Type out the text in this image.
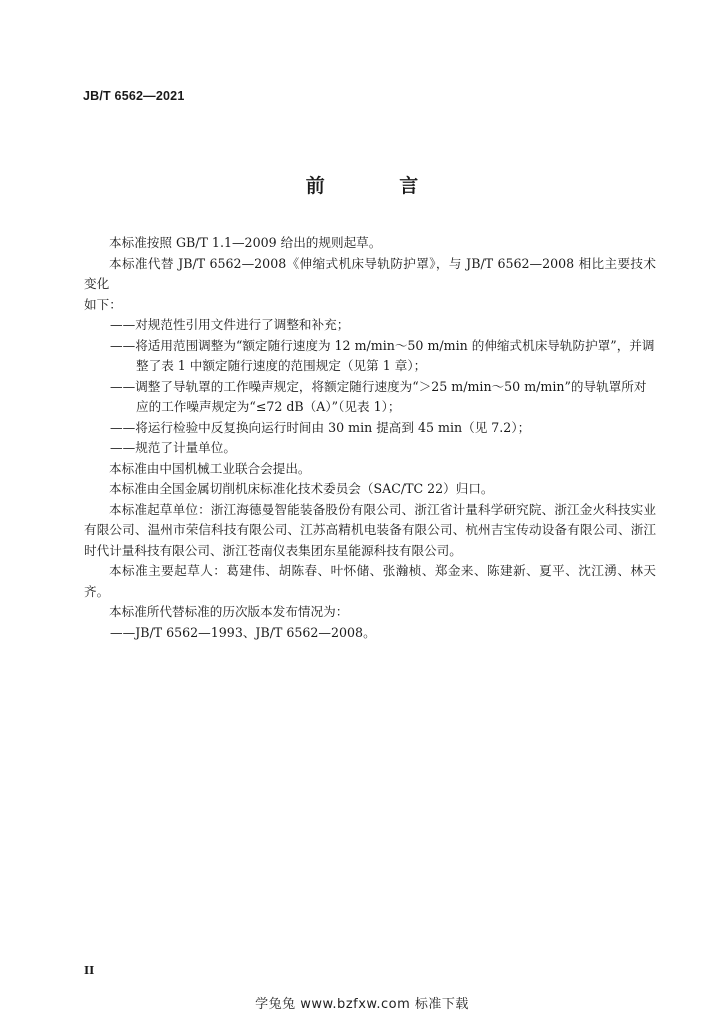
JB/T 6562—2021
前 言

本标准按照 GB/T 1.1—2009 给出的规则起草。

本标准代替 JB/T 6562—2008《伸缩式机床导轨防护罩》，与 JB/T 6562—2008 相比主要技术变化

如下：

——对规范性引用文件进行了调整和补充；

——将适用范围调整为“额定随行速度为 12 m/min～50 m/min 的伸缩式机床导轨防护罩”，并调整了表 1 中额定随行速度的范围规定（见第 1 章）；

——调整了导轨罩的工作噪声规定，将额定随行速度为“＞25 m/min～50 m/min”的导轨罩所对应的工作噪声规定为“≤72 dB（A）”（见表 1）；

——将运行检验中反复换向运行时间由 30 min 提高到 45 min（见 7.2）；

——规范了计量单位。

本标准由中国机械工业联合会提出。

本标准由全国金属切削机床标准化技术委员会（SAC/TC 22）归口。

本标准起草单位：浙江海德曼智能装备股份有限公司、浙江省计量科学研究院、浙江金火科技实业有限公司、温州市荣信科技有限公司、江苏高精机电装备有限公司、杭州吉宝传动设备有限公司、浙江时代计量科技有限公司、浙江苍南仪表集团东星能源科技有限公司。

本标准主要起草人：葛建伟、胡陈春、叶怀储、张瀚桢、郑金来、陈建新、夏平、沈江湧、林天齐。

本标准所代替标准的历次版本发布情况为：

——JB/T 6562—1993、JB/T 6562—2008。

II
学兔兔 www.bzfxw.com 标准下载
